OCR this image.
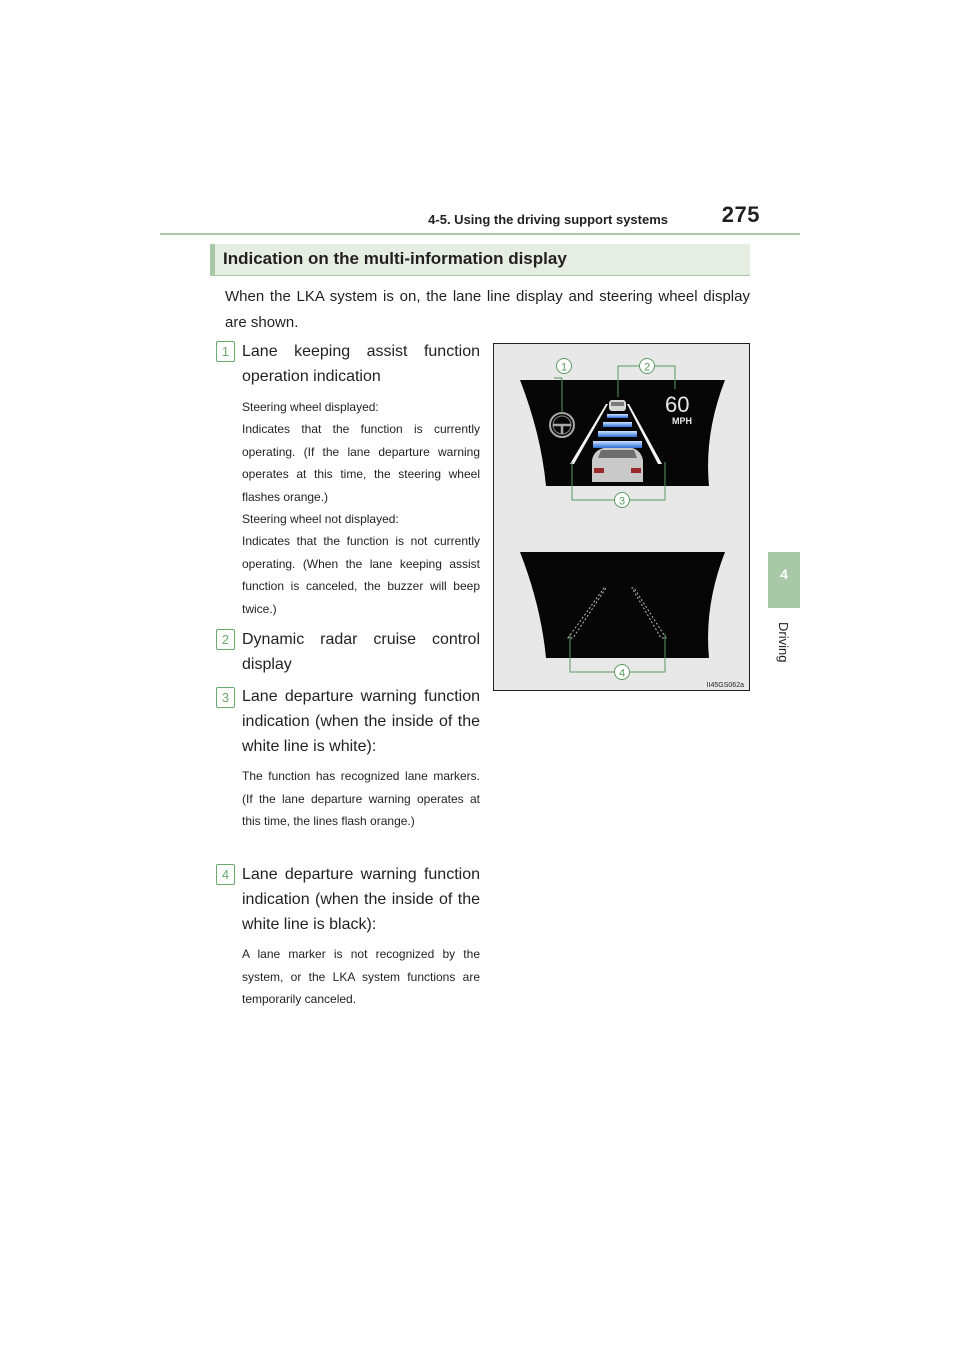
4-5. Using the driving support systems 275
4
Driving
Indication on the multi-information display
When the LKA system is on, the lane line display and steering wheel display are shown.
1 Lane keeping assist function operation indication
Steering wheel displayed:
Indicates that the function is currently operating. (If the lane departure warning operates at this time, the steering wheel flashes orange.)
Steering wheel not displayed:
Indicates that the function is not currently operating. (When the lane keeping assist function is canceled, the buzzer will beep twice.)
2 Dynamic radar cruise control display
3 Lane departure warning function indication (when the inside of the white line is white):
The function has recognized lane markers. (If the lane departure warning operates at this time, the lines flash orange.)
4 Lane departure warning function indication (when the inside of the white line is black):
A lane marker is not recognized by the system, or the LKA system functions are temporarily canceled.
60
MPH
1	2
3
4
II45GS062a
